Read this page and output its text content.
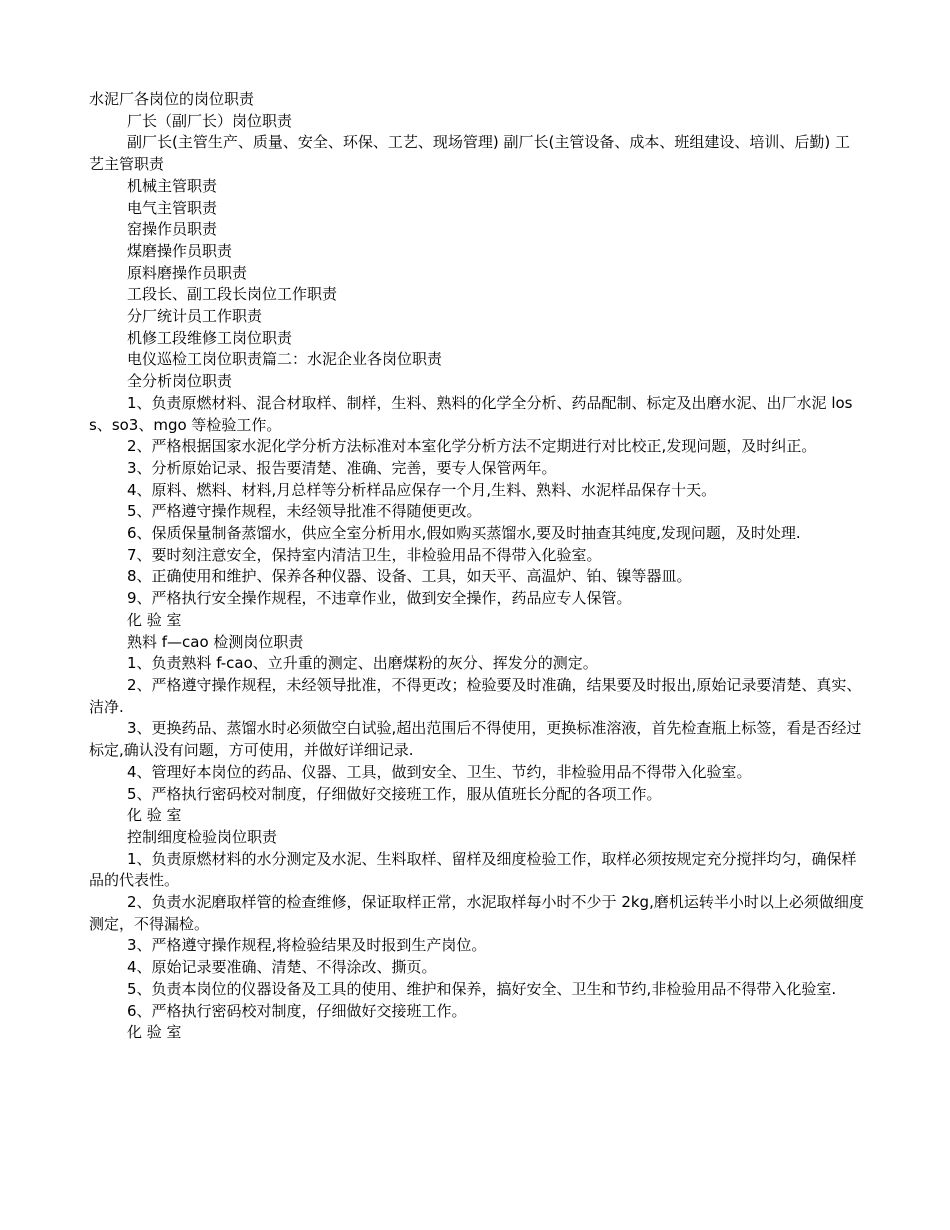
水泥厂各岗位的岗位职责

厂长（副厂长）岗位职责

副厂长(主管生产、质量、安全、环保、工艺、现场管理) 副厂长(主管设备、成本、班组建设、培训、后勤) 工艺主管职责

机械主管职责

电气主管职责

窑操作员职责

煤磨操作员职责

原料磨操作员职责

工段长、副工段长岗位工作职责

分厂统计员工作职责

机修工段维修工岗位职责

电仪巡检工岗位职责篇二：水泥企业各岗位职责

全分析岗位职责

1、负责原燃材料、混合材取样、制样，生料、熟料的化学全分析、药品配制、标定及出磨水泥、出厂水泥 loss、so3、mgo 等检验工作。

2、严格根据国家水泥化学分析方法标准对本室化学分析方法不定期进行对比校正,发现问题，及时纠正。

3、分析原始记录、报告要清楚、准确、完善，要专人保管两年。

4、原料、燃料、材料,月总样等分析样品应保存一个月,生料、熟料、水泥样品保存十天。

5、严格遵守操作规程，未经领导批准不得随便更改。

6、保质保量制备蒸馏水，供应全室分析用水,假如购买蒸馏水,要及时抽查其纯度,发现问题，及时处理.

7、要时刻注意安全，保持室内清洁卫生，非检验用品不得带入化验室。

8、正确使用和维护、保养各种仪器、设备、工具，如天平、高温炉、铂、镍等器皿。

9、严格执行安全操作规程，不违章作业，做到安全操作，药品应专人保管。

化 验 室

熟料 f—cao 检测岗位职责

1、负责熟料 f-cao、立升重的测定、出磨煤粉的灰分、挥发分的测定。

2、严格遵守操作规程，未经领导批准，不得更改；检验要及时准确，结果要及时报出,原始记录要清楚、真实、洁净.

3、更换药品、蒸馏水时必须做空白试验,超出范围后不得使用，更换标准溶液，首先检查瓶上标签，看是否经过标定,确认没有问题，方可使用，并做好详细记录.

4、管理好本岗位的药品、仪器、工具，做到安全、卫生、节约，非检验用品不得带入化验室。

5、严格执行密码校对制度，仔细做好交接班工作，服从值班长分配的各项工作。

化 验 室

控制细度检验岗位职责

1、负责原燃材料的水分测定及水泥、生料取样、留样及细度检验工作，取样必须按规定充分搅拌均匀，确保样品的代表性。

2、负责水泥磨取样管的检查维修，保证取样正常，水泥取样每小时不少于 2kg,磨机运转半小时以上必须做细度测定，不得漏检。

3、严格遵守操作规程,将检验结果及时报到生产岗位。

4、原始记录要准确、清楚、不得涂改、撕页。

5、负责本岗位的仪器设备及工具的使用、维护和保养，搞好安全、卫生和节约,非检验用品不得带入化验室.

6、严格执行密码校对制度，仔细做好交接班工作。

化 验 室
